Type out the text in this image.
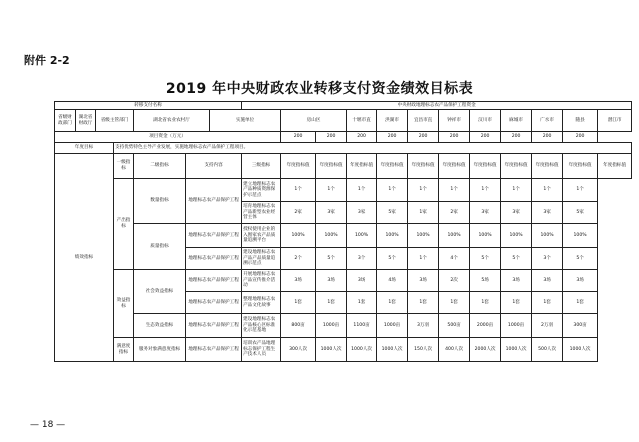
附件 2-2
2019 年中央财政农业转移支付资金绩效目标表
转移支付名称							中央财政地理标志农产品保护工程资金											
省级财政部门	湖北省财政厅	省级主管部门		湖北省农业农村厅		实施单位		房山区		十堰市直	洪湖市	宜昌市直	钟祥市	汉川市	麻城市	广水市	随县	潜江市
项目资金（万元）								200	200	200	200	200	200	200	200	200	200	
年度目标			支持优势特色主导产业发展，实施地理标志农产品保护工程项目。															
绩效指标			一级指标	二级指标	支持内容		三级指标	年度指标值	年度指标值	年度指标值	年度指标值	年度指标值	年度指标值	年度指标值	年度指标值	年度指标值	年度指标值	年度指标值
			产出指标	数量指标	地理标志农产品保护工程		建立地理标志农产品种质资源保护示范点	1个	1个	1个	1个	1个	1个	1个	1个	1个	1个	
							培育地理标志农产品新型农业经营主体	2家	3家	3家	5家	1家	2家	3家	3家	3家	5家	
				质量指标	地理标志农产品保护工程		授权使用企业的入围家农产品质量追溯平台	100%	100%	100%	100%	100%	100%	100%	100%	100%	100%	
					地理标志农产品保护工程		建设地理标志农产品产品质量追溯示范点	2个	5个	3个	5个	1个	4个	5个	5个	3个	5个	
			效益指标	社会效益指标	地理标志农产品保护工程		开展地理标志农产品宣传推介活动	3场	3场	3场	4场	3场	2次	5场	3场	3场	3场	
					地理标志农产品保护工程		整理地理标志农产品文化故事	1套	1套	1套	1套	1套	1套	1套	1套	1套	1套	
				生态效益指标	地理标志农产品保护工程		建设地理标志农产品核心区标准化示范基地	800亩	1000亩	1100亩	1000亩	3万羽	500亩	2000亩	1000亩	2万羽	300亩	
			满意度指标	服务对象满意度指标	地理标志农产品保护工程		培训农产品地理标志保护工程生产技术人员	300人次	1000人次	1000人次	1000人次	150人次	400人次	2000人次	1000人次	500人次	1000人次	
— 18 —
